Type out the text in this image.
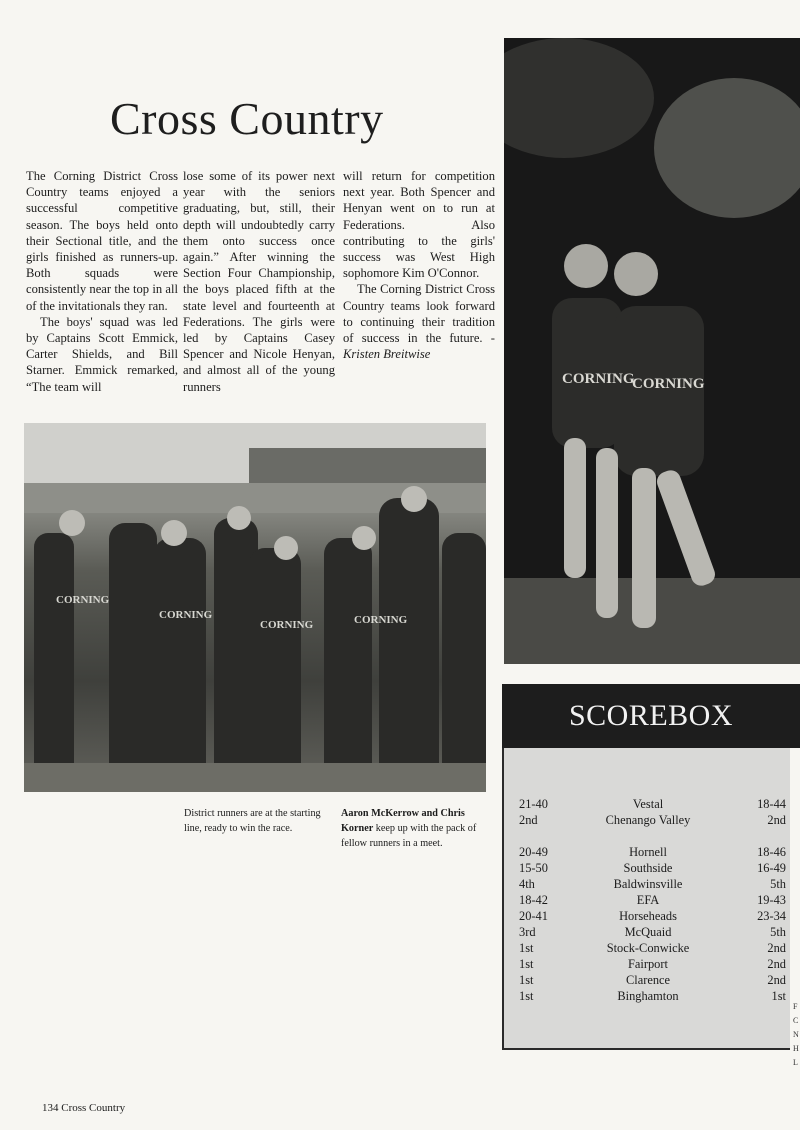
Cross Country

The Corning District Cross Country teams enjoyed a successful competitive season. The boys held onto their Sectional title, and the girls finished as runners-up. Both squads were consistently near the top in all of the invitationals they ran.

The boys' squad was led by Captains Scott Emmick, Carter Shields, and Bill Starner. Emmick remarked, “The team will

lose some of its power next year with the seniors graduating, but, still, their depth will undoubtedly carry them onto success once again.” After winning the Section Four Championship, the boys placed fifth at the state level and fourteenth at Federations. The girls were led by Captains Casey Spencer and Nicole Henyan, and almost all of the young runners

will return for competition next year. Both Spencer and Henyan went on to run at Federations. Also contributing to the girls' success was West High sophomore Kim O'Connor.

The Corning District Cross Country teams look forward to continuing their tradition of success in the future. -Kristen Breitwise

CORNING
CORNING
CORNING	CORNING
District runners are at the starting line, ready to win the race.
Aaron McKerrow and Chris Korner keep up with the pack of fellow runners in a meet.
CORNING
CORNING
SCOREBOX
21-40	Vestal	18-44
2nd	Chenango Valley	2nd
20-49	Hornell	18-46
15-50	Southside	16-49
4th	Baldwinsville	5th
18-42	EFA	19-43
20-41	Horseheads	23-34
3rd	McQuaid	5th
1st	Stock-Conwicke	2nd
1st	Fairport	2nd
1st	Clarence	2nd
1st	Binghamton	1st
134 Cross Country
F
C
N
H
L
